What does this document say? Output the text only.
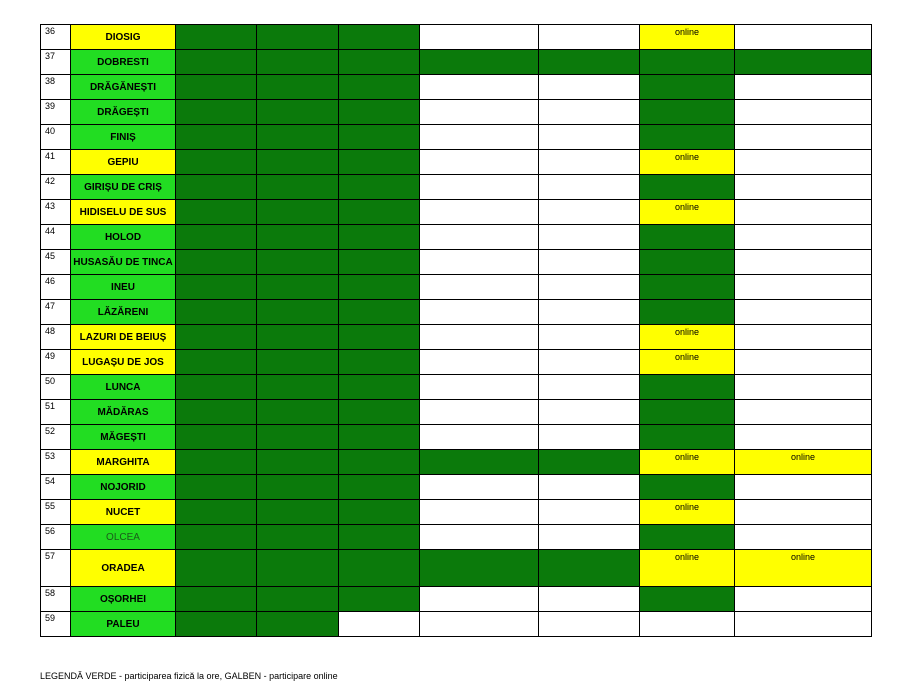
36	DIOSIG						online	
37	DOBRESTI							
38	DRĂGĂNEȘTI							
39	DRĂGEȘTI							
40	FINIȘ							
41	GEPIU						online	
42	GIRIȘU DE CRIȘ							
43	HIDISELU DE SUS						online	
44	HOLOD							
45	HUSASĂU DE TINCA							
46	INEU							
47	LĂZĂRENI							
48	LAZURI DE BEIUȘ						online	
49	LUGAȘU DE JOS						online	
50	LUNCA							
51	MĂDĂRAS							
52	MĂGEȘTI							
53	MARGHITA						online	online
54	NOJORID							
55	NUCET						online	
56	OLCEA							
57	ORADEA						online	online
58	OȘORHEI							
59	PALEU							
LEGENDĂ VERDE - participarea fizică la ore, GALBEN - participare online
